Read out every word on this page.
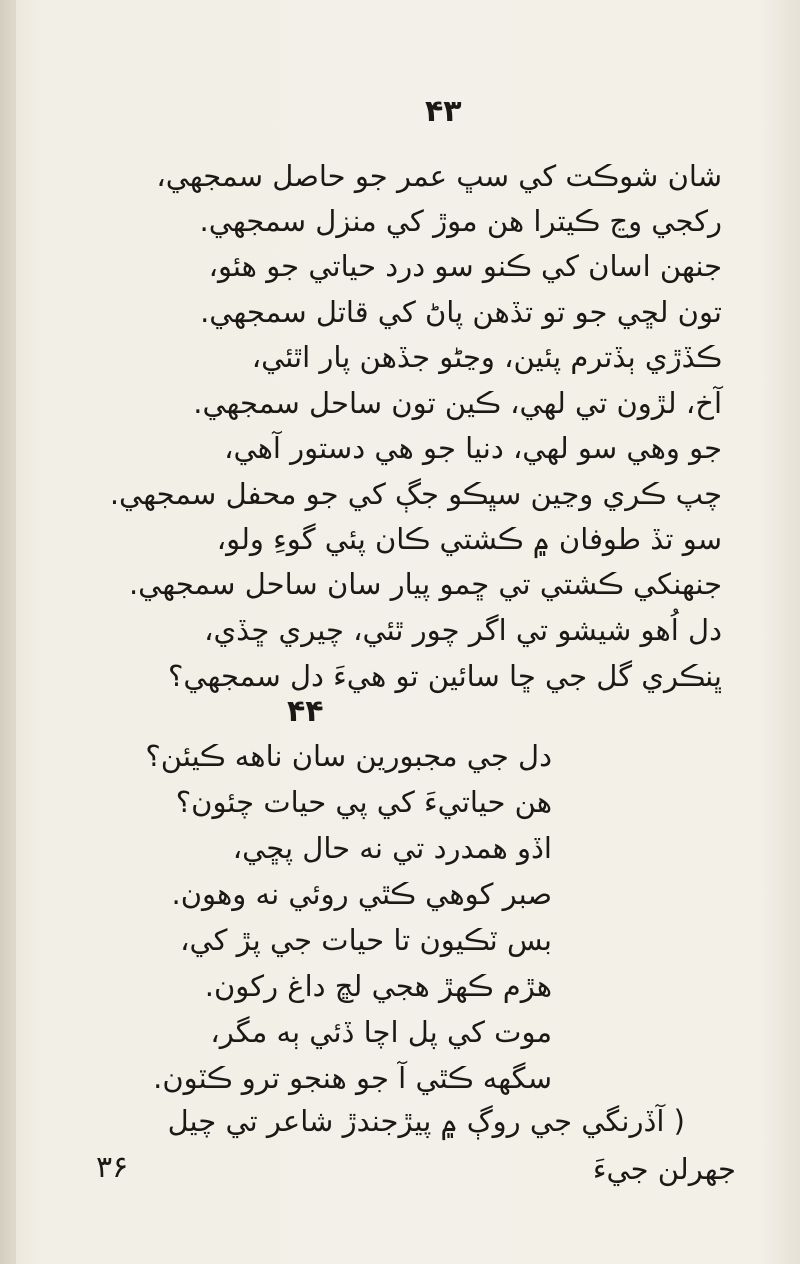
۴۳
شان شوڪت کي سڀ عمر جو حاصل سمجهي،
رکجي وڃ ڪيترا هن موڙ کي منزل سمجهي.
جنهن اسان کي ڪنو سو درد حياتي جو هئو،
تون لڇي جو تو تڏهن پاڻ کي قاتل سمجهي.
ڪڏڙي ٻڏترم پئين، وڃڻو جڏهن پار اٿئي،
آخ، لڙون تي لهي، ڪين تون ساحل سمجهي.
جو وهي سو لهي، دنيا جو هي دستور آهي،
چپ ڪري وڃين سڀڪو جڳ کي جو محفل سمجهي.
سو تڏ طوفان ۾ ڪشتي ڪان پئي گوءِ ولو،
جنهنکي ڪشتي تي ڇمو پيار سان ساحل سمجهي.
دل اُهو شيشو تي اگر چور ٿئي، چيري ڇڏي،
ڀنڪري گل جي ڇا سائين تو هيءَ دل سمجهي؟
۴۴
دل جي مجبورين سان ناهه ڪيئن؟
هن حياتيءَ کي پي حيات چئون؟
اڏو همدرد تي نه حال پڇي،
صبر کوهي ڪٿي روئي نه وهون.
بس ٽڪيون تا حيات جي پڙ کي،
هڙم ڪهڙ هجي لڇ داغ رکون.
موت کي پل اچا ڏئي ٻه مگر،
سگهه ڪٿي آ جو هنجو ترو ڪٽون.
( آڏرنگي جي روڳ ۾ پيڙجندڙ شاعر تي چيل
۳۶	جهرلن جيءَ
